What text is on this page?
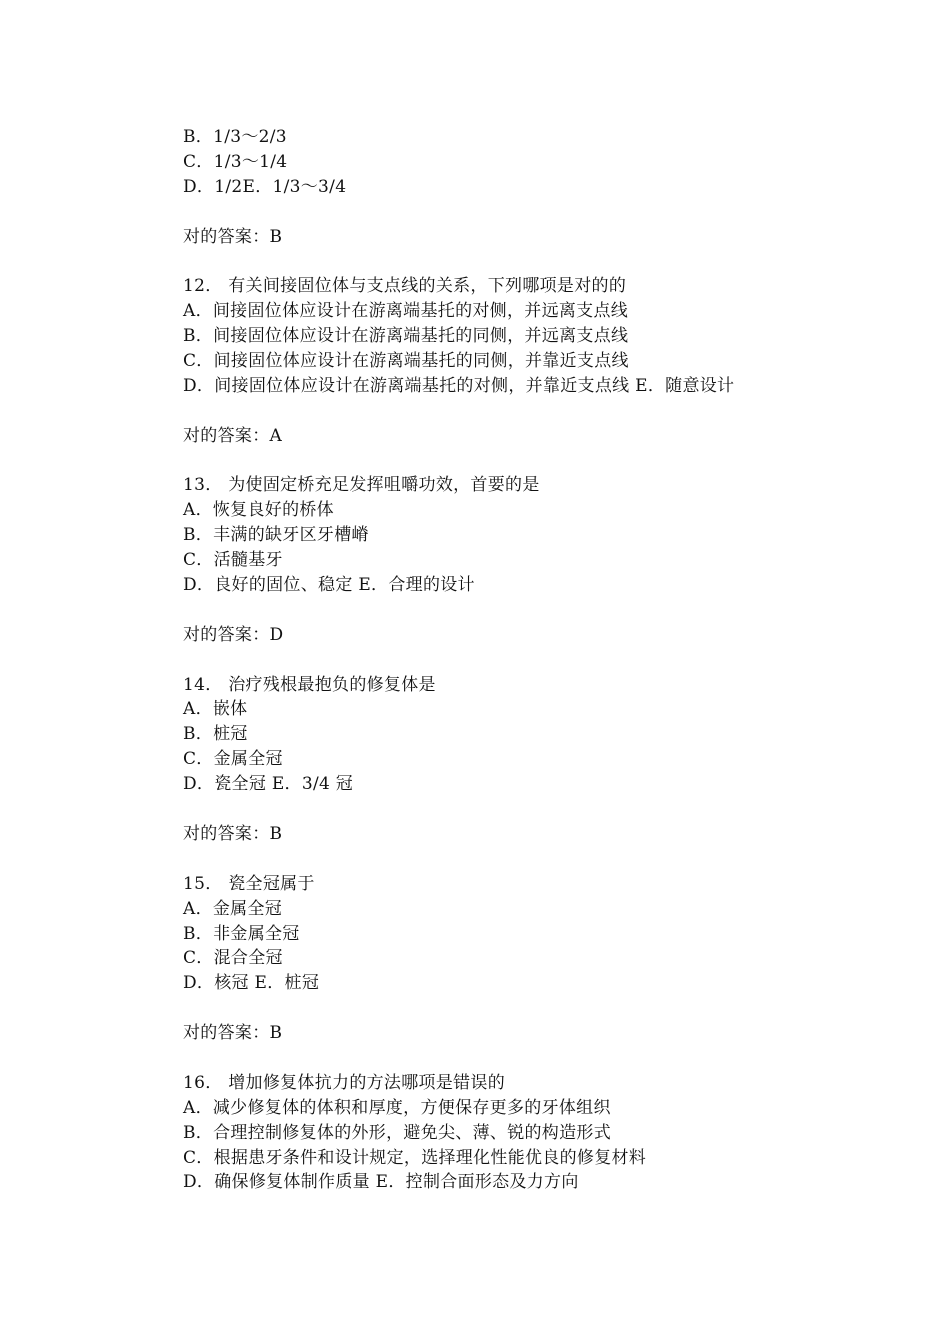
B．1/3～2/3
C．1/3～1/4
D．1/2E．1/3～3/4
对的答案：B
12． 有关间接固位体与支点线的关系，下列哪项是对的的
A．间接固位体应设计在游离端基托的对侧，并远离支点线
B．间接固位体应设计在游离端基托的同侧，并远离支点线
C．间接固位体应设计在游离端基托的同侧，并靠近支点线
D．间接固位体应设计在游离端基托的对侧，并靠近支点线 E．随意设计
对的答案：A
13． 为使固定桥充足发挥咀嚼功效，首要的是
A．恢复良好的桥体
B．丰满的缺牙区牙槽嵴
C．活髓基牙
D．良好的固位、稳定 E．合理的设计
对的答案：D
14． 治疗残根最抱负的修复体是
A．嵌体
B．桩冠
C．金属全冠
D．瓷全冠 E．3/4 冠
对的答案：B
15． 瓷全冠属于
A．金属全冠
B．非金属全冠
C．混合全冠
D．核冠 E．桩冠
对的答案：B
16． 增加修复体抗力的方法哪项是错误的
A．减少修复体的体积和厚度，方便保存更多的牙体组织
B．合理控制修复体的外形，避免尖、薄、锐的构造形式
C．根据患牙条件和设计规定，选择理化性能优良的修复材料
D．确保修复体制作质量 E．控制合面形态及力方向
